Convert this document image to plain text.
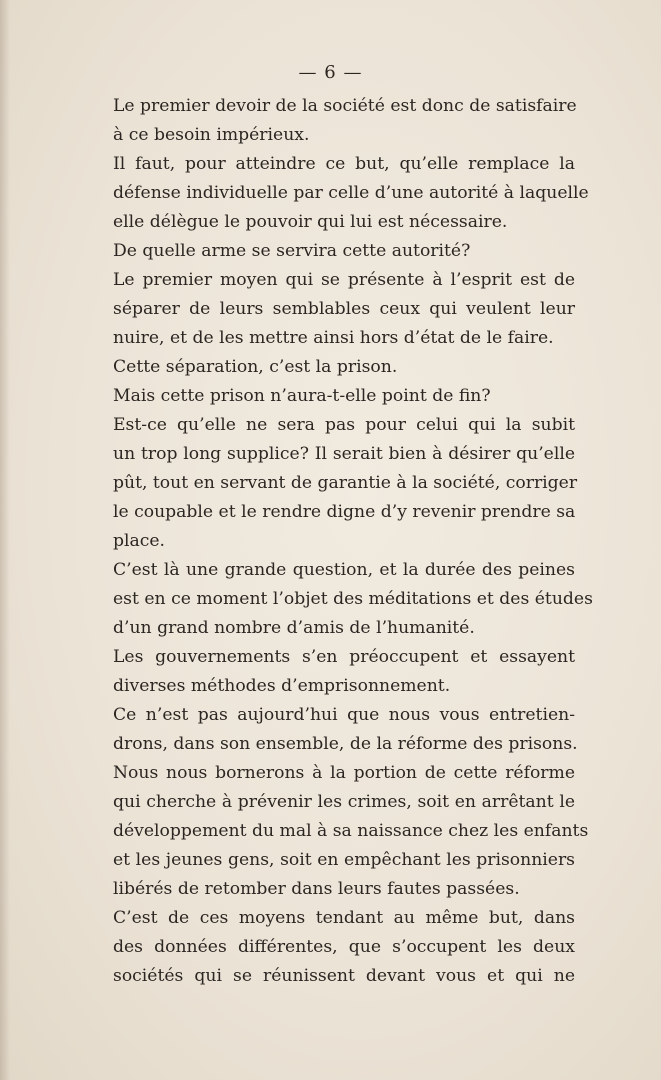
— 6 —
Le premier devoir de la société est donc de satisfaire
à ce besoin impérieux.
Il faut, pour atteindre ce but, qu’elle remplace la
défense individuelle par celle d’une autorité à laquelle
elle délègue le pouvoir qui lui est nécessaire.
De quelle arme se servira cette autorité?
Le premier moyen qui se présente à l’esprit est de
séparer de leurs semblables ceux qui veulent leur
nuire, et de les mettre ainsi hors d’état de le faire.
Cette séparation, c’est la prison.
Mais cette prison n’aura-t-elle point de fin?
Est-ce qu’elle ne sera pas pour celui qui la subit
un trop long supplice? Il serait bien à désirer qu’elle
pût, tout en servant de garantie à la société, corriger
le coupable et le rendre digne d’y revenir prendre sa
place.
C’est là une grande question, et la durée des peines
est en ce moment l’objet des méditations et des études
d’un grand nombre d’amis de l’humanité.
Les gouvernements s’en préoccupent et essayent
diverses méthodes d’emprisonnement.
Ce n’est pas aujourd’hui que nous vous entretien-
drons, dans son ensemble, de la réforme des prisons.
Nous nous bornerons à la portion de cette réforme
qui cherche à prévenir les crimes, soit en arrêtant le
développement du mal à sa naissance chez les enfants
et les jeunes gens, soit en empêchant les prisonniers
libérés de retomber dans leurs fautes passées.
C’est de ces moyens tendant au même but, dans
des données différentes, que s’occupent les deux
sociétés qui se réunissent devant vous et qui ne
